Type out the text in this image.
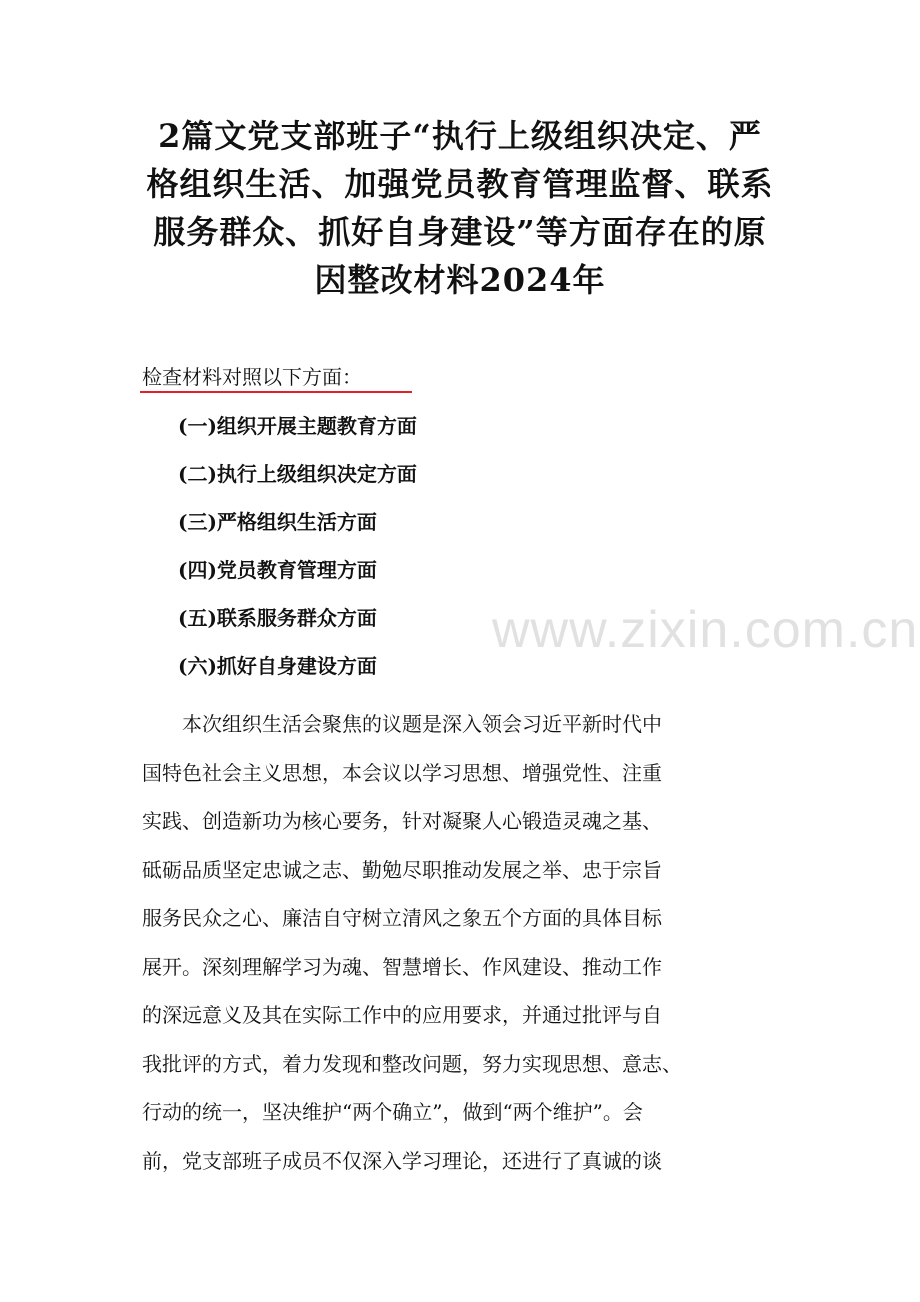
2篇文党支部班子“执行上级组织决定、严
格组织生活、加强党员教育管理监督、联系
服务群众、抓好自身建设”等方面存在的原
因整改材料2024年
检查材料对照以下方面：
(一)组织开展主题教育方面
(二)执行上级组织决定方面
(三)严格组织生活方面
(四)党员教育管理方面
(五)联系服务群众方面
(六)抓好自身建设方面
　　本次组织生活会聚焦的议题是深入领会习近平新时代中
国特色社会主义思想，本会议以学习思想、增强党性、注重
实践、创造新功为核心要务，针对凝聚人心锻造灵魂之基、
砥砺品质坚定忠诚之志、勤勉尽职推动发展之举、忠于宗旨
服务民众之心、廉洁自守树立清风之象五个方面的具体目标
展开。深刻理解学习为魂、智慧增长、作风建设、推动工作
的深远意义及其在实际工作中的应用要求，并通过批评与自
我批评的方式，着力发现和整改问题，努力实现思想、意志、
行动的统一，坚决维护“两个确立”，做到“两个维护”。会
前，党支部班子成员不仅深入学习理论，还进行了真诚的谈
www.zixin.com.cn
